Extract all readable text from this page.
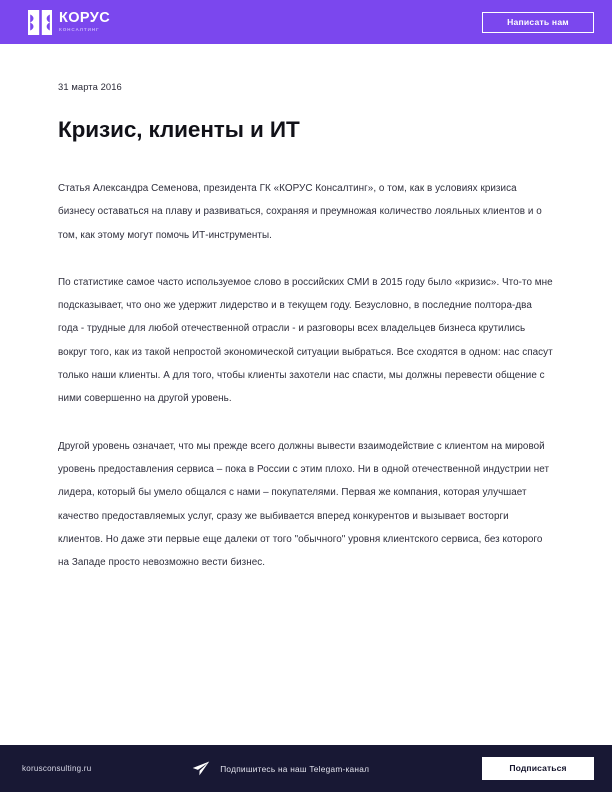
КОРУС
КОНСАЛТИНГ
Написать нам
31 марта 2016
Кризис, клиенты и ИТ

Статья Александра Семенова, президента ГК «КОРУС Консалтинг», о том, как в условиях кризиса бизнесу оставаться на плаву и развиваться, сохраняя и преумножая количество лояльных клиентов и о том, как этому могут помочь ИТ-инструменты.

По статистике самое часто используемое слово в российских СМИ в 2015 году было «кризис». Что-то мне подсказывает, что оно же удержит лидерство и в текущем году. Безусловно, в последние полтора-два года - трудные для любой отечественной отрасли - и разговоры всех владельцев бизнеса крутились вокруг того, как из такой непростой экономической ситуации выбраться. Все сходятся в одном: нас спасут только наши клиенты. А для того, чтобы клиенты захотели нас спасти, мы должны перевести общение с ними совершенно на другой уровень.

Другой уровень означает, что мы прежде всего должны вывести взаимодействие с клиентом на мировой уровень предоставления сервиса – пока в России с этим плохо. Ни в одной отечественной индустрии нет лидера, который бы умело общался с нами – покупателями. Первая же компания, которая улучшает качество предоставляемых услуг, сразу же выбивается вперед конкурентов и вызывает восторги клиентов. Но даже эти первые еще далеки от того "обычного" уровня клиентского сервиса, без которого на Западе просто невозможно вести бизнес.

korusconsulting.ru	Подпишитесь на наш Telegam-канал	Подписаться
